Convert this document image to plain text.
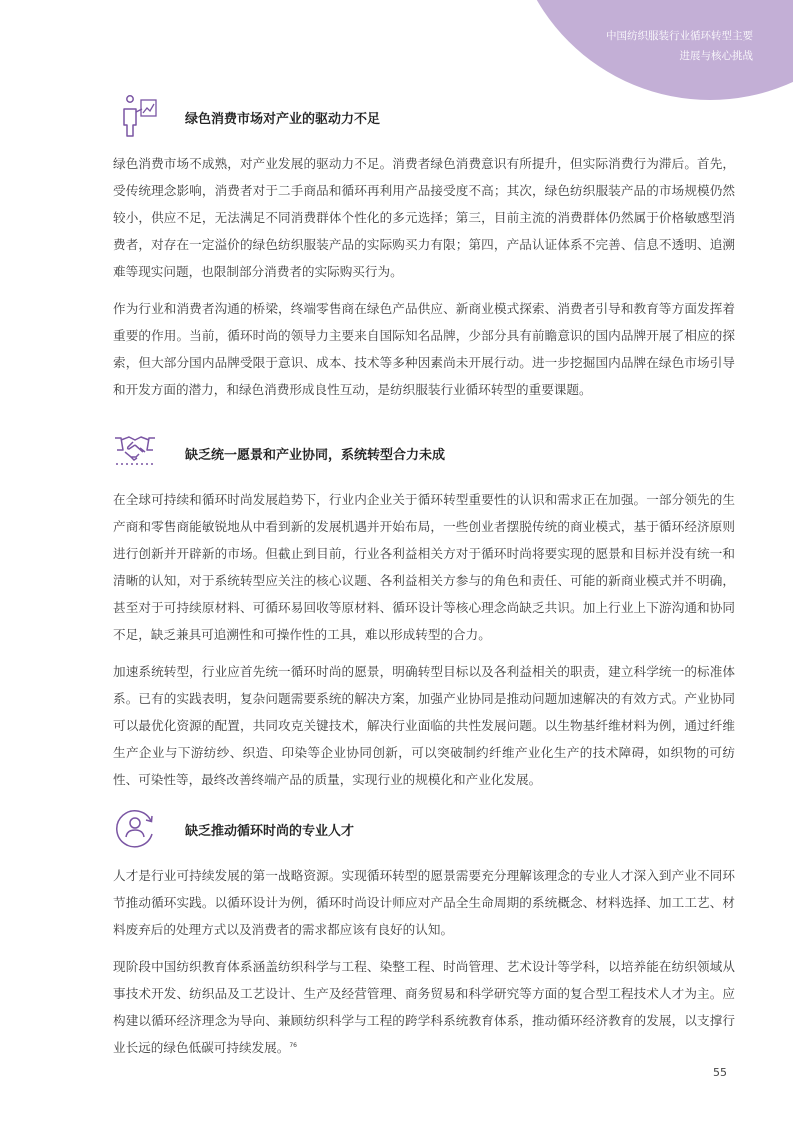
中国纺织服装行业循环转型主要
进展与核心挑战
绿色消费市场对产业的驱动力不足

绿色消费市场不成熟，对产业发展的驱动力不足。消费者绿色消费意识有所提升，但实际消费行为滞后。首先，受传统理念影响，消费者对于二手商品和循环再利用产品接受度不高；其次，绿色纺织服装产品的市场规模仍然较小，供应不足，无法满足不同消费群体个性化的多元选择；第三，目前主流的消费群体仍然属于价格敏感型消费者，对存在一定溢价的绿色纺织服装产品的实际购买力有限；第四，产品认证体系不完善、信息不透明、追溯难等现实问题，也限制部分消费者的实际购买行为。

作为行业和消费者沟通的桥梁，终端零售商在绿色产品供应、新商业模式探索、消费者引导和教育等方面发挥着重要的作用。当前，循环时尚的领导力主要来自国际知名品牌，少部分具有前瞻意识的国内品牌开展了相应的探索，但大部分国内品牌受限于意识、成本、技术等多种因素尚未开展行动。进一步挖掘国内品牌在绿色市场引导和开发方面的潜力，和绿色消费形成良性互动，是纺织服装行业循环转型的重要课题。

缺乏统一愿景和产业协同，系统转型合力未成

在全球可持续和循环时尚发展趋势下，行业内企业关于循环转型重要性的认识和需求正在加强。一部分领先的生产商和零售商能敏锐地从中看到新的发展机遇并开始布局，一些创业者摆脱传统的商业模式，基于循环经济原则进行创新并开辟新的市场。但截止到目前，行业各利益相关方对于循环时尚将要实现的愿景和目标并没有统一和清晰的认知，对于系统转型应关注的核心议题、各利益相关方参与的角色和责任、可能的新商业模式并不明确，甚至对于可持续原材料、可循环易回收等原材料、循环设计等核心理念尚缺乏共识。加上行业上下游沟通和协同不足，缺乏兼具可追溯性和可操作性的工具，难以形成转型的合力。

加速系统转型，行业应首先统一循环时尚的愿景，明确转型目标以及各利益相关的职责，建立科学统一的标准体系。已有的实践表明，复杂问题需要系统的解决方案，加强产业协同是推动问题加速解决的有效方式。产业协同可以最优化资源的配置，共同攻克关键技术，解决行业面临的共性发展问题。以生物基纤维材料为例，通过纤维生产企业与下游纺纱、织造、印染等企业协同创新，可以突破制约纤维产业化生产的技术障碍，如织物的可纺性、可染性等，最终改善终端产品的质量，实现行业的规模化和产业化发展。

缺乏推动循环时尚的专业人才

人才是行业可持续发展的第一战略资源。实现循环转型的愿景需要充分理解该理念的专业人才深入到产业不同环节推动循环实践。以循环设计为例，循环时尚设计师应对产品全生命周期的系统概念、材料选择、加工工艺、材料废弃后的处理方式以及消费者的需求都应该有良好的认知。

现阶段中国纺织教育体系涵盖纺织科学与工程、染整工程、时尚管理、艺术设计等学科，以培养能在纺织领域从事技术开发、纺织品及工艺设计、生产及经营管理、商务贸易和科学研究等方面的复合型工程技术人才为主。应构建以循环经济理念为导向、兼顾纺织科学与工程的跨学科系统教育体系，推动循环经济教育的发展，以支撑行业长远的绿色低碳可持续发展。$^{76}$

55
